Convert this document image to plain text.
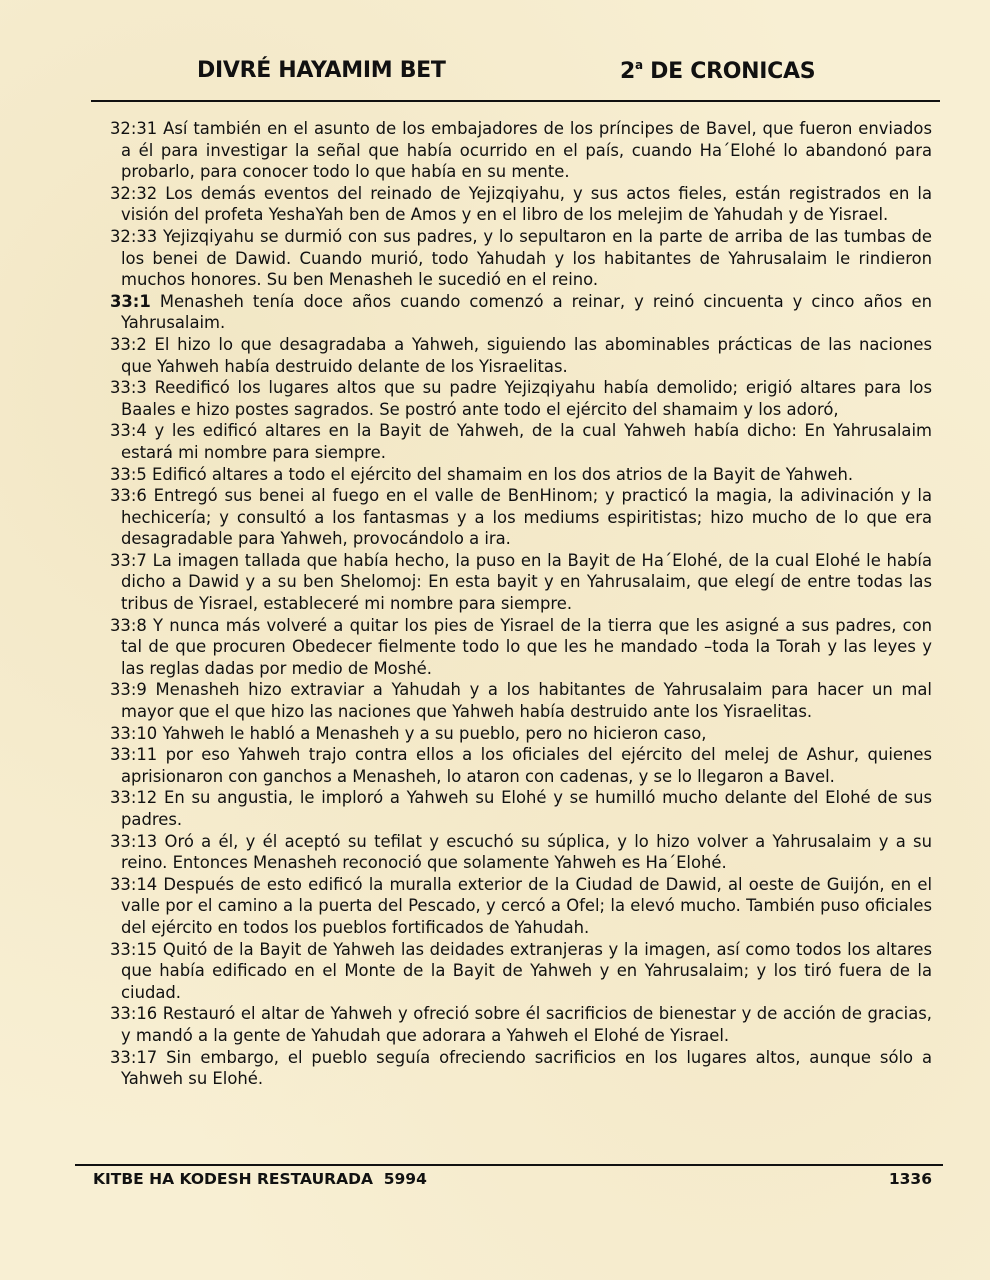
DIVRÉ HAYAMIM BET	2$^a$ DE CRONICAS

32:31 Así también en el asunto de los embajadores de los príncipes de Bavel, que fueron enviados a él para investigar la señal que había ocurrido en el país, cuando Ha´Elohé lo abandonó para probarlo, para conocer todo lo que había en su mente.

32:32 Los demás eventos del reinado de Yejizqiyahu, y sus actos fieles, están registrados en la visión del profeta YeshaYah ben de Amos y en el libro de los melejim de Yahudah y de Yisrael.

32:33 Yejizqiyahu se durmió con sus padres, y lo sepultaron en la parte de arriba de las tumbas de los benei de Dawid. Cuando murió, todo Yahudah y los habitantes de Yahrusalaim le rindieron muchos honores. Su ben Menasheh le sucedió en el reino.

33:1 Menasheh tenía doce años cuando comenzó a reinar, y reinó cincuenta y cinco años en Yahrusalaim.

33:2 El hizo lo que desagradaba a Yahweh, siguiendo las abominables prácticas de las naciones que Yahweh había destruido delante de los Yisraelitas.

33:3 Reedificó los lugares altos que su padre Yejizqiyahu había demolido; erigió altares para los Baales e hizo postes sagrados. Se postró ante todo el ejército del shamaim y los adoró,

33:4 y les edificó altares en la Bayit de Yahweh, de la cual Yahweh había dicho: En Yahrusalaim estará mi nombre para siempre.

33:5 Edificó altares a todo el ejército del shamaim en los dos atrios de la Bayit de Yahweh.

33:6 Entregó sus benei al fuego en el valle de BenHinom; y practicó la magia, la adivinación y la hechicería; y consultó a los fantasmas y a los mediums espiritistas; hizo mucho de lo que era desagradable para Yahweh, provocándolo a ira.

33:7 La imagen tallada que había hecho, la puso en la Bayit de Ha´Elohé, de la cual Elohé le había dicho a Dawid y a su ben Shelomoj: En esta bayit y en Yahrusalaim, que elegí de entre todas las tribus de Yisrael, estableceré mi nombre para siempre.

33:8 Y nunca más volveré a quitar los pies de Yisrael de la tierra que les asigné a sus padres, con tal de que procuren Obedecer fielmente todo lo que les he mandado –toda la Torah y las leyes y las reglas dadas por medio de Moshé.

33:9 Menasheh hizo extraviar a Yahudah y a los habitantes de Yahrusalaim para hacer un mal mayor que el que hizo las naciones que Yahweh había destruido ante los Yisraelitas.

33:10 Yahweh le habló a Menasheh y a su pueblo, pero no hicieron caso,

33:11 por eso Yahweh trajo contra ellos a los oficiales del ejército del melej de Ashur, quienes aprisionaron con ganchos a Menasheh, lo ataron con cadenas, y se lo llegaron a Bavel.

33:12 En su angustia, le imploró a Yahweh su Elohé y se humilló mucho delante del Elohé de sus padres.

33:13 Oró a él, y él aceptó su tefilat y escuchó su súplica, y lo hizo volver a Yahrusalaim y a su reino. Entonces Menasheh reconoció que solamente Yahweh es Ha´Elohé.

33:14 Después de esto edificó la muralla exterior de la Ciudad de Dawid, al oeste de Guijón, en el valle por el camino a la puerta del Pescado, y cercó a Ofel; la elevó mucho. También puso oficiales del ejército en todos los pueblos fortificados de Yahudah.

33:15 Quitó de la Bayit de Yahweh las deidades extranjeras y la imagen, así como todos los altares que había edificado en el Monte de la Bayit de Yahweh y en Yahrusalaim; y los tiró fuera de la ciudad.

33:16 Restauró el altar de Yahweh y ofreció sobre él sacrificios de bienestar y de acción de gracias, y mandó a la gente de Yahudah que adorara a Yahweh el Elohé de Yisrael.

33:17 Sin embargo, el pueblo seguía ofreciendo sacrificios en los lugares altos, aunque sólo a Yahweh su Elohé.

KITBE HA KODESH RESTAURADA  5994	1336
